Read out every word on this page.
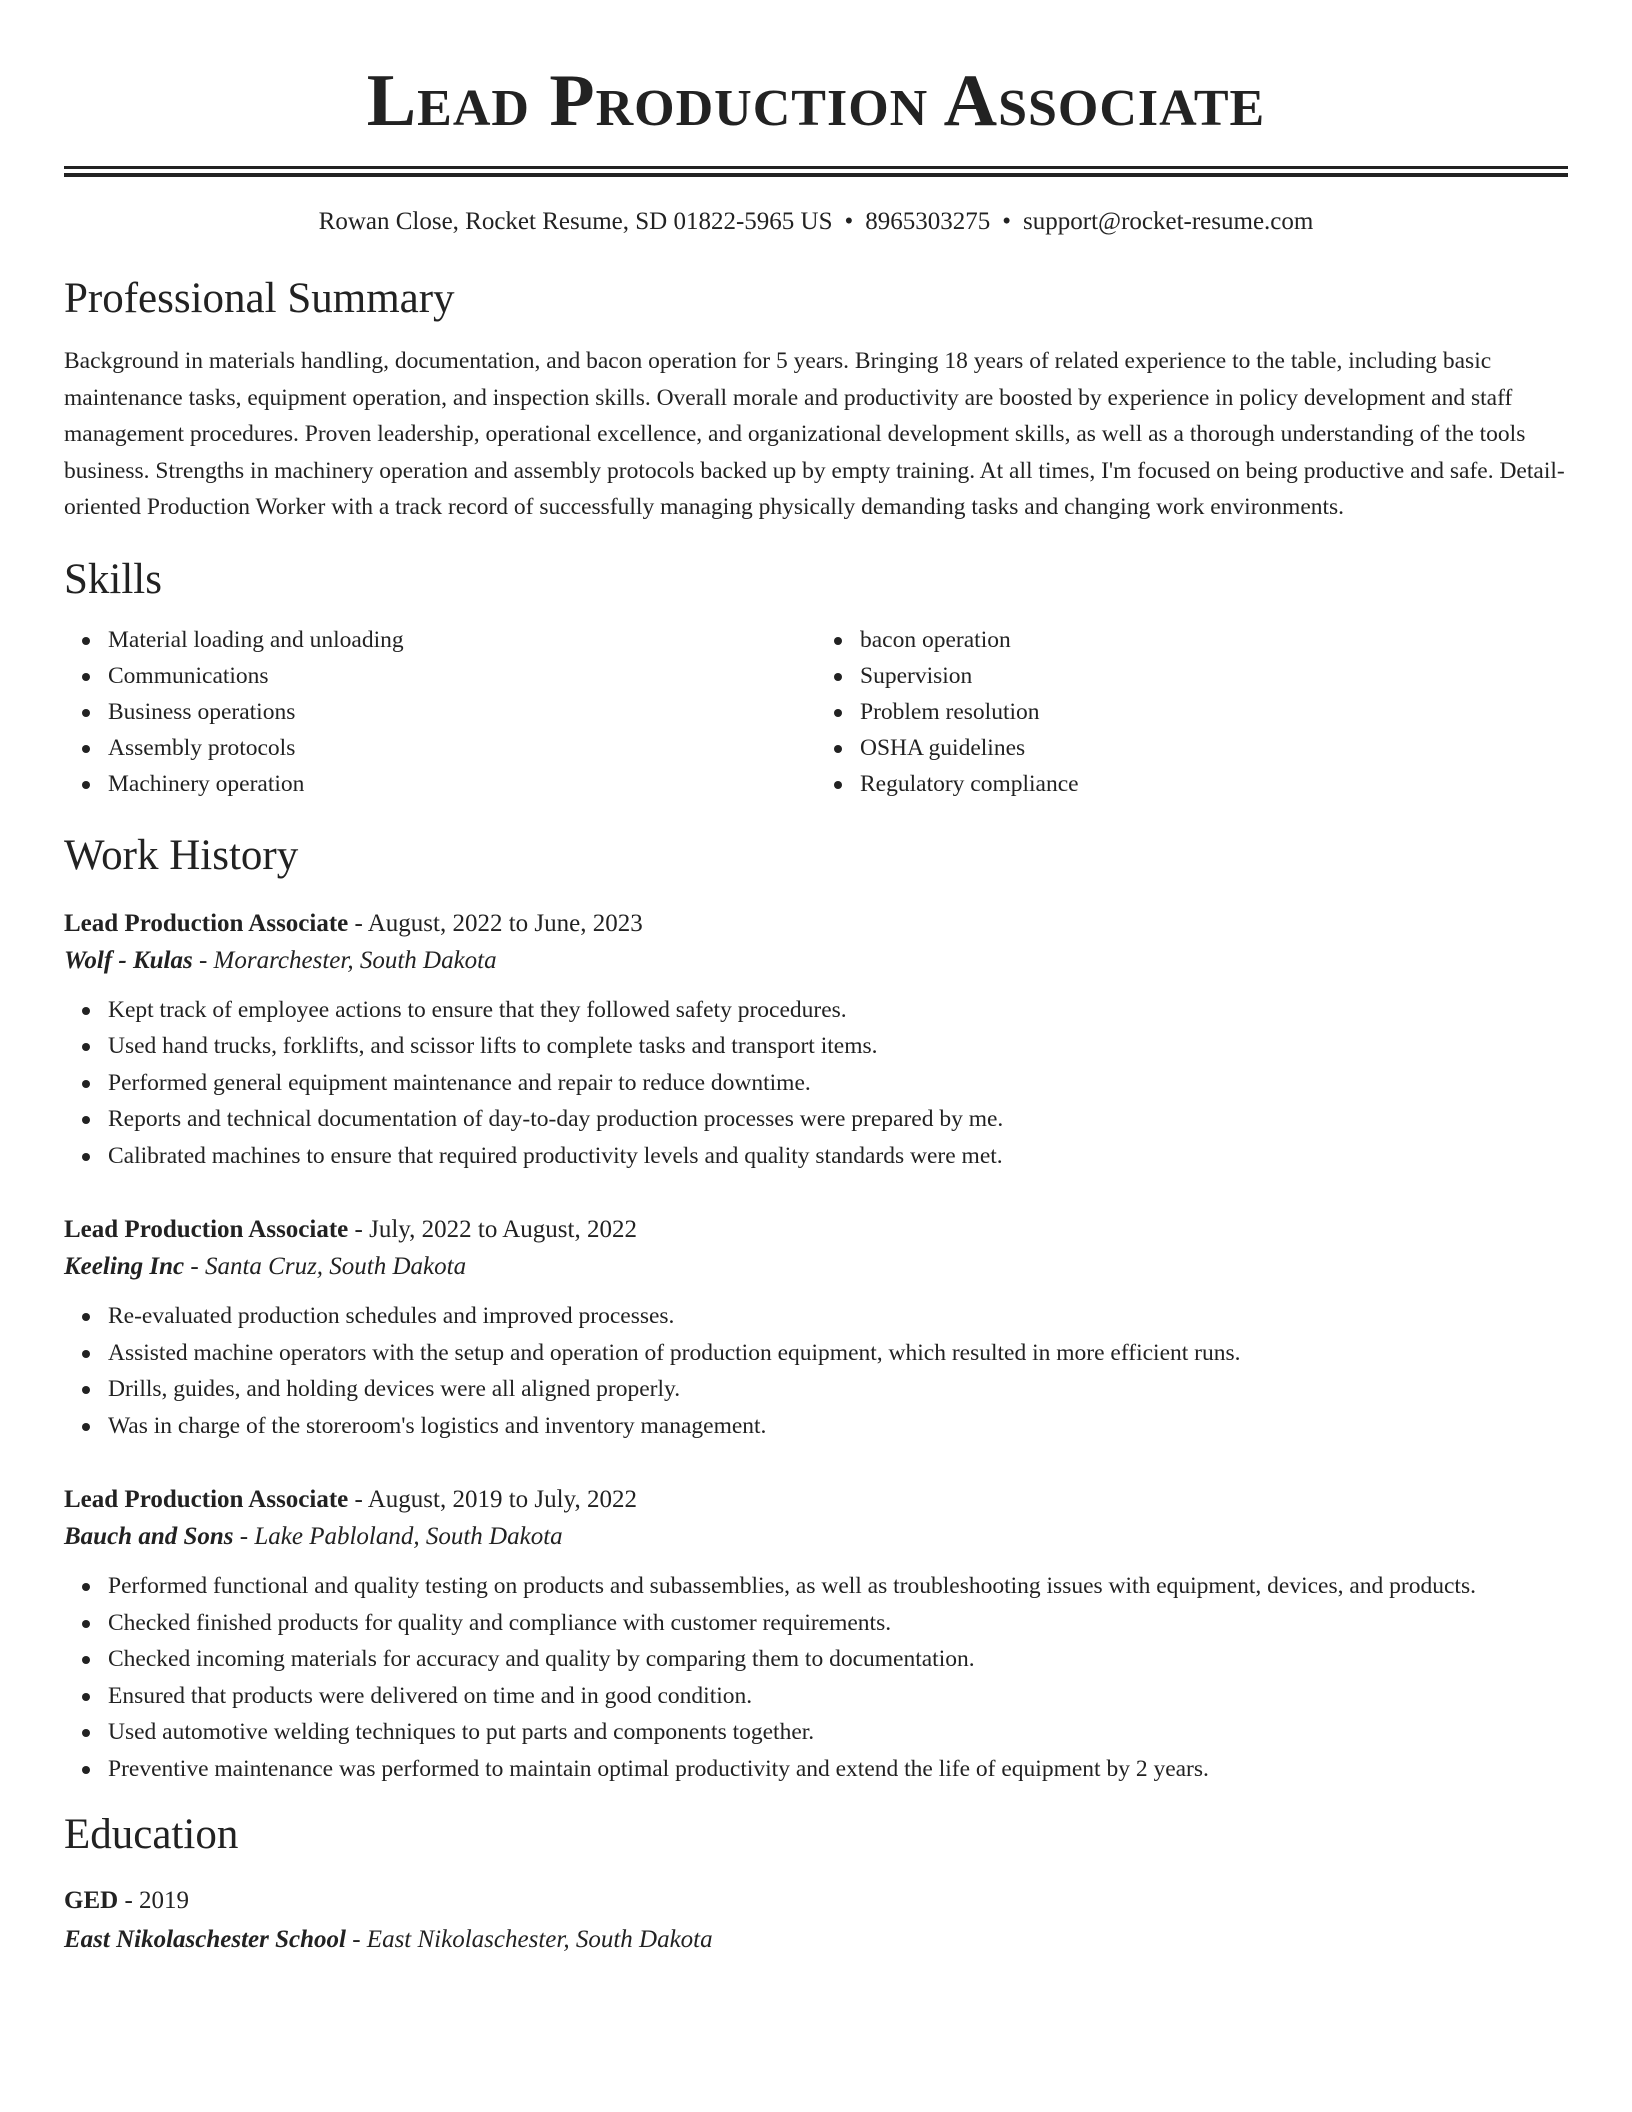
Lead Production Associate
Rowan Close, Rocket Resume, SD 01822-5965 US • 8965303275 • support@rocket-resume.com
Professional Summary
Background in materials handling, documentation, and bacon operation for 5 years. Bringing 18 years of related experience to the table, including basic maintenance tasks, equipment operation, and inspection skills. Overall morale and productivity are boosted by experience in policy development and staff management procedures. Proven leadership, operational excellence, and organizational development skills, as well as a thorough understanding of the tools business. Strengths in machinery operation and assembly protocols backed up by empty training. At all times, I'm focused on being productive and safe. Detail-oriented Production Worker with a track record of successfully managing physically demanding tasks and changing work environments.
Skills
Material loading and unloading
Communications
Business operations
Assembly protocols
Machinery operation
bacon operation
Supervision
Problem resolution
OSHA guidelines
Regulatory compliance
Work History
Lead Production Associate - August, 2022 to June, 2023
Wolf - Kulas - Morarchester, South Dakota
Kept track of employee actions to ensure that they followed safety procedures.
Used hand trucks, forklifts, and scissor lifts to complete tasks and transport items.
Performed general equipment maintenance and repair to reduce downtime.
Reports and technical documentation of day-to-day production processes were prepared by me.
Calibrated machines to ensure that required productivity levels and quality standards were met.
Lead Production Associate - July, 2022 to August, 2022
Keeling Inc - Santa Cruz, South Dakota
Re-evaluated production schedules and improved processes.
Assisted machine operators with the setup and operation of production equipment, which resulted in more efficient runs.
Drills, guides, and holding devices were all aligned properly.
Was in charge of the storeroom's logistics and inventory management.
Lead Production Associate - August, 2019 to July, 2022
Bauch and Sons - Lake Pabloland, South Dakota
Performed functional and quality testing on products and subassemblies, as well as troubleshooting issues with equipment, devices, and products.
Checked finished products for quality and compliance with customer requirements.
Checked incoming materials for accuracy and quality by comparing them to documentation.
Ensured that products were delivered on time and in good condition.
Used automotive welding techniques to put parts and components together.
Preventive maintenance was performed to maintain optimal productivity and extend the life of equipment by 2 years.
Education
GED - 2019
East Nikolaschester School - East Nikolaschester, South Dakota
